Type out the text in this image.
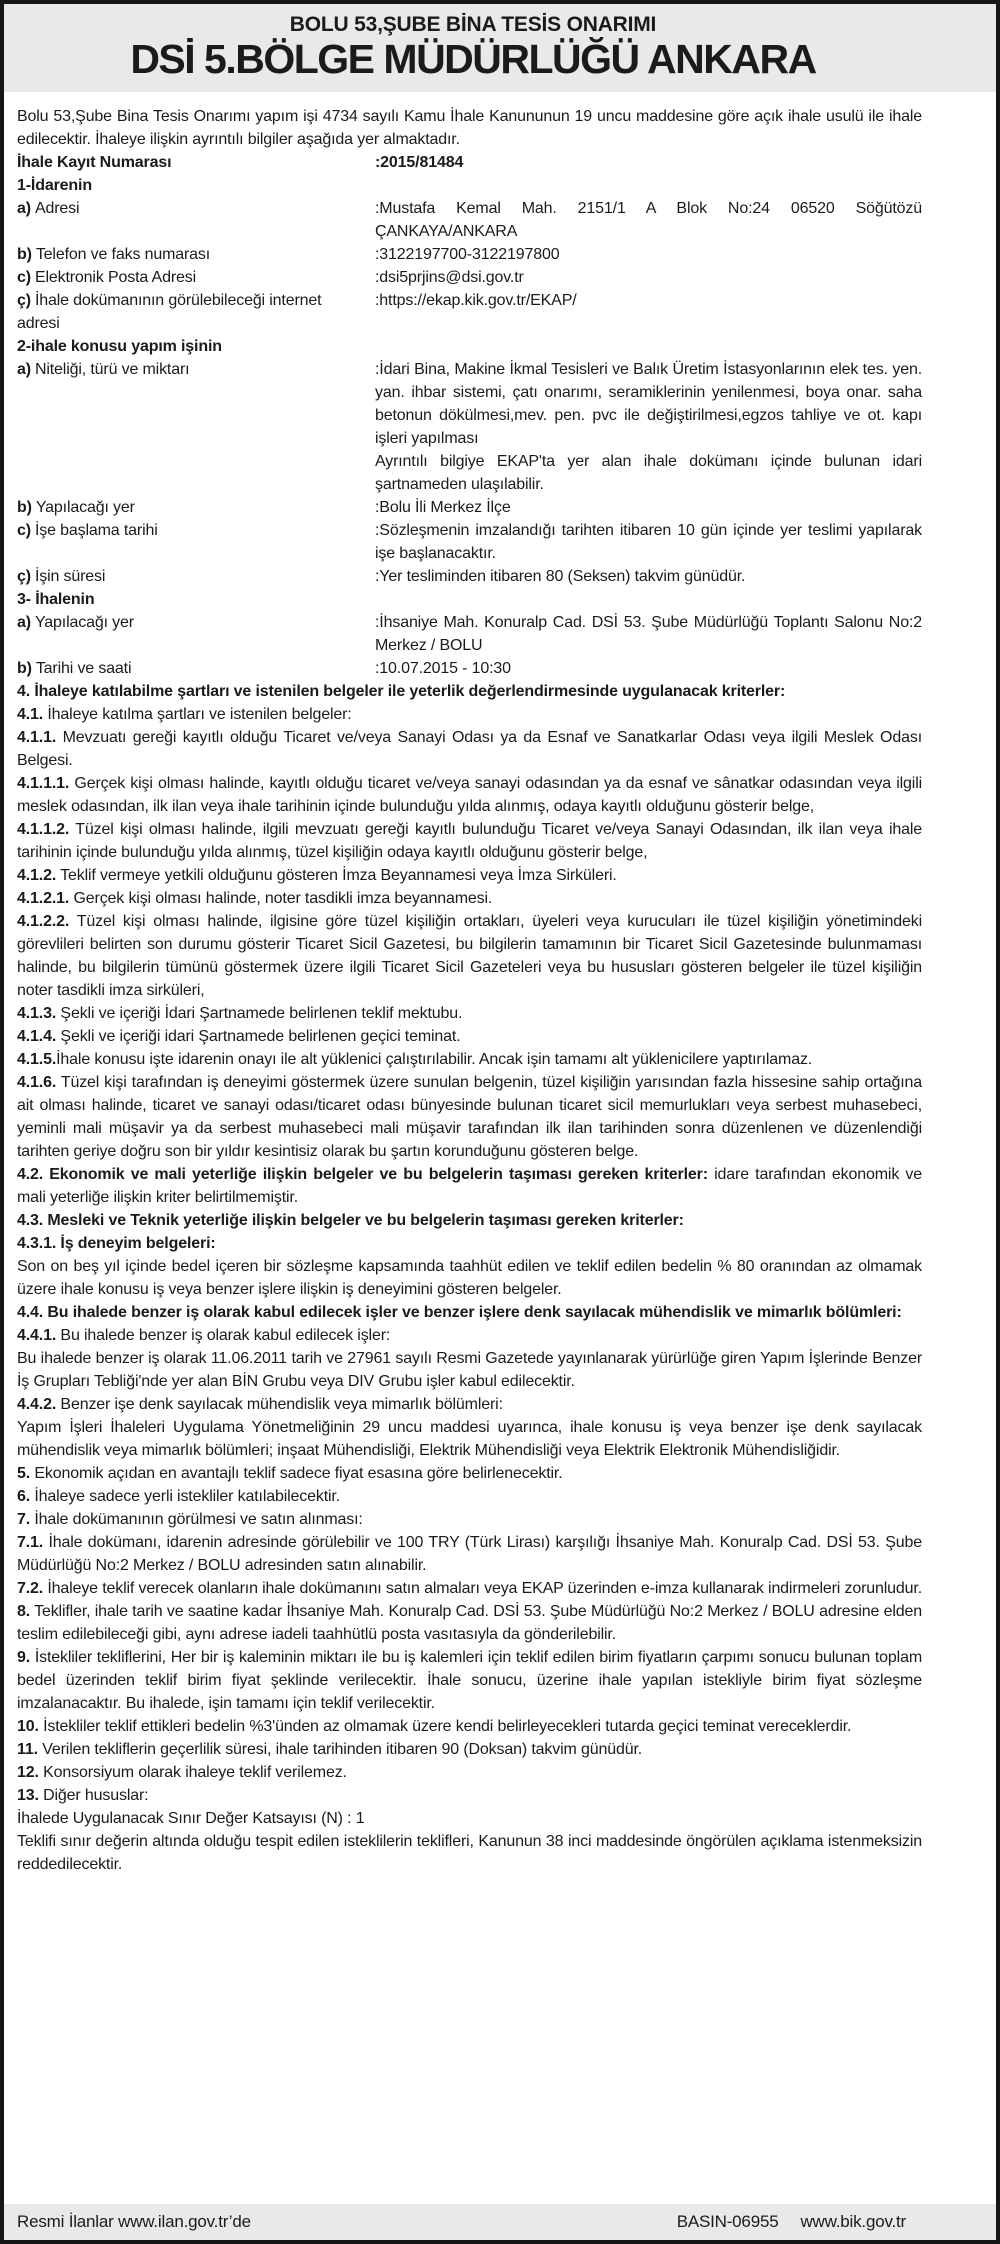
BOLU 53,ŞUBE BİNA TESİS ONARIMI
DSİ 5.BÖLGE MÜDÜRLÜĞÜ ANKARA

Bolu 53,Şube Bina Tesis Onarımı yapım işi 4734 sayılı Kamu İhale Kanununun 19 uncu maddesine göre açık ihale usulü ile ihale edilecektir. İhaleye ilişkin ayrıntılı bilgiler aşağıda yer almaktadır.

İhale Kayıt Numarası	:2015/81484
1-İdarenin
a) Adresi	:Mustafa Kemal Mah. 2151/1 A Blok No:24 06520 Söğütözü ÇANKAYA/ANKARA
b) Telefon ve faks numarası	:3122197700-3122197800
c) Elektronik Posta Adresi	:dsi5prjins@dsi.gov.tr
ç) İhale dokümanının görülebileceği internet adresi
:https://ekap.kik.gov.tr/EKAP/
2-ihale konusu yapım işinin
a) Niteliği, türü ve miktarı	:İdari Bina, Makine İkmal Tesisleri ve Balık Üretim İstasyonlarının elek tes. yen. yan. ihbar sistemi, çatı onarımı, seramiklerinin yenilenmesi, boya onar. saha betonun dökülmesi,mev. pen. pvc ile değiştirilmesi,egzos tahliye ve ot. kapı işleri yapılması
Ayrıntılı bilgiye EKAP'ta yer alan ihale dokümanı içinde bulunan idari şartnameden ulaşılabilir.
b) Yapılacağı yer	:Bolu İli Merkez İlçe
c) İşe başlama tarihi	:Sözleşmenin imzalandığı tarihten itibaren 10 gün içinde yer teslimi yapılarak işe başlanacaktır.
ç) İşin süresi	:Yer tesliminden itibaren 80 (Seksen) takvim günüdür.
3- İhalenin
a) Yapılacağı yer	:İhsaniye Mah. Konuralp Cad. DSİ 53. Şube Müdürlüğü Toplantı Salonu No:2 Merkez / BOLU
b) Tarihi ve saati	:10.07.2015 - 10:30

4. İhaleye katılabilme şartları ve istenilen belgeler ile yeterlik değerlendirmesinde uygulanacak kriterler:

4.1. İhaleye katılma şartları ve istenilen belgeler:

4.1.1. Mevzuatı gereği kayıtlı olduğu Ticaret ve/veya Sanayi Odası ya da Esnaf ve Sanatkarlar Odası veya ilgili Meslek Odası Belgesi.

4.1.1.1. Gerçek kişi olması halinde, kayıtlı olduğu ticaret ve/veya sanayi odasından ya da esnaf ve sânatkar odasından veya ilgili meslek odasından, ilk ilan veya ihale tarihinin içinde bulunduğu yılda alınmış, odaya kayıtlı olduğunu gösterir belge,

4.1.1.2. Tüzel kişi olması halinde, ilgili mevzuatı gereği kayıtlı bulunduğu Ticaret ve/veya Sanayi Odasından, ilk ilan veya ihale tarihinin içinde bulunduğu yılda alınmış, tüzel kişiliğin odaya kayıtlı olduğunu gösterir belge,

4.1.2. Teklif vermeye yetkili olduğunu gösteren İmza Beyannamesi veya İmza Sirküleri.

4.1.2.1. Gerçek kişi olması halinde, noter tasdikli imza beyannamesi.

4.1.2.2. Tüzel kişi olması halinde, ilgisine göre tüzel kişiliğin ortakları, üyeleri veya kurucuları ile tüzel kişiliğin yönetimindeki görevlileri belirten son durumu gösterir Ticaret Sicil Gazetesi, bu bilgilerin tamamının bir Ticaret Sicil Gazetesinde bulunmaması halinde, bu bilgilerin tümünü göstermek üzere ilgili Ticaret Sicil Gazeteleri veya bu hususları gösteren belgeler ile tüzel kişiliğin noter tasdikli imza sirküleri,

4.1.3. Şekli ve içeriği İdari Şartnamede belirlenen teklif mektubu.

4.1.4. Şekli ve içeriği idari Şartnamede belirlenen geçici teminat.

4.1.5.İhale konusu işte idarenin onayı ile alt yüklenici çalıştırılabilir. Ancak işin tamamı alt yüklenicilere yaptırılamaz.

4.1.6. Tüzel kişi tarafından iş deneyimi göstermek üzere sunulan belgenin, tüzel kişiliğin yarısından fazla hissesine sahip ortağına ait olması halinde, ticaret ve sanayi odası/ticaret odası bünyesinde bulunan ticaret sicil memurlukları veya serbest muhasebeci, yeminli mali müşavir ya da serbest muhasebeci mali müşavir tarafından ilk ilan tarihinden sonra düzenlenen ve düzenlendiği tarihten geriye doğru son bir yıldır kesintisiz olarak bu şartın korunduğunu gösteren belge.

4.2. Ekonomik ve mali yeterliğe ilişkin belgeler ve bu belgelerin taşıması gereken kriterler: idare tarafından ekonomik ve mali yeterliğe ilişkin kriter belirtilmemiştir.

4.3. Mesleki ve Teknik yeterliğe ilişkin belgeler ve bu belgelerin taşıması gereken kriterler:

4.3.1. İş deneyim belgeleri:

Son on beş yıl içinde bedel içeren bir sözleşme kapsamında taahhüt edilen ve teklif edilen bedelin % 80 oranından az olmamak üzere ihale konusu iş veya benzer işlere ilişkin iş deneyimini gösteren belgeler.

4.4. Bu ihalede benzer iş olarak kabul edilecek işler ve benzer işlere denk sayılacak mühendislik ve mimarlık bölümleri:

4.4.1. Bu ihalede benzer iş olarak kabul edilecek işler:

Bu ihalede benzer iş olarak 11.06.2011 tarih ve 27961 sayılı Resmi Gazetede yayınlanarak yürürlüğe giren Yapım İşlerinde Benzer İş Grupları Tebliği'nde yer alan BİN Grubu veya DIV Grubu işler kabul edilecektir.

4.4.2. Benzer işe denk sayılacak mühendislik veya mimarlık bölümleri:

Yapım İşleri İhaleleri Uygulama Yönetmeliğinin 29 uncu maddesi uyarınca, ihale konusu iş veya benzer işe denk sayılacak mühendislik veya mimarlık bölümleri; inşaat Mühendisliği, Elektrik Mühendisliği veya Elektrik Elektronik Mühendisliğidir.

5. Ekonomik açıdan en avantajlı teklif sadece fiyat esasına göre belirlenecektir.

6. İhaleye sadece yerli istekliler katılabilecektir.

7. İhale dokümanının görülmesi ve satın alınması:

7.1. İhale dokümanı, idarenin adresinde görülebilir ve 100 TRY (Türk Lirası) karşılığı İhsaniye Mah. Konuralp Cad. DSİ 53. Şube Müdürlüğü No:2 Merkez / BOLU adresinden satın alınabilir.

7.2. İhaleye teklif verecek olanların ihale dokümanını satın almaları veya EKAP üzerinden e-imza kullanarak indirmeleri zorunludur.

8. Teklifler, ihale tarih ve saatine kadar İhsaniye Mah. Konuralp Cad. DSİ 53. Şube Müdürlüğü No:2 Merkez / BOLU adresine elden teslim edilebileceği gibi, aynı adrese iadeli taahhütlü posta vasıtasıyla da gönderilebilir.

9. İstekliler tekliflerini, Her bir iş kaleminin miktarı ile bu iş kalemleri için teklif edilen birim fiyatların çarpımı sonucu bulunan toplam bedel üzerinden teklif birim fiyat şeklinde verilecektir. İhale sonucu, üzerine ihale yapılan istekliyle birim fiyat sözleşme imzalanacaktır. Bu ihalede, işin tamamı için teklif verilecektir.

10. İstekliler teklif ettikleri bedelin %3'ünden az olmamak üzere kendi belirleyecekleri tutarda geçici teminat vereceklerdir.

11. Verilen tekliflerin geçerlilik süresi, ihale tarihinden itibaren 90 (Doksan) takvim günüdür.

12. Konsorsiyum olarak ihaleye teklif verilemez.

13. Diğer hususlar:

İhalede Uygulanacak Sınır Değer Katsayısı (N) : 1

Teklifi sınır değerin altında olduğu tespit edilen isteklilerin teklifleri, Kanunun 38 inci maddesinde öngörülen açıklama istenmeksizin reddedilecektir.

Resmi İlanlar www.ilan.gov.tr’de	BASIN-06955 www.bik.gov.tr
